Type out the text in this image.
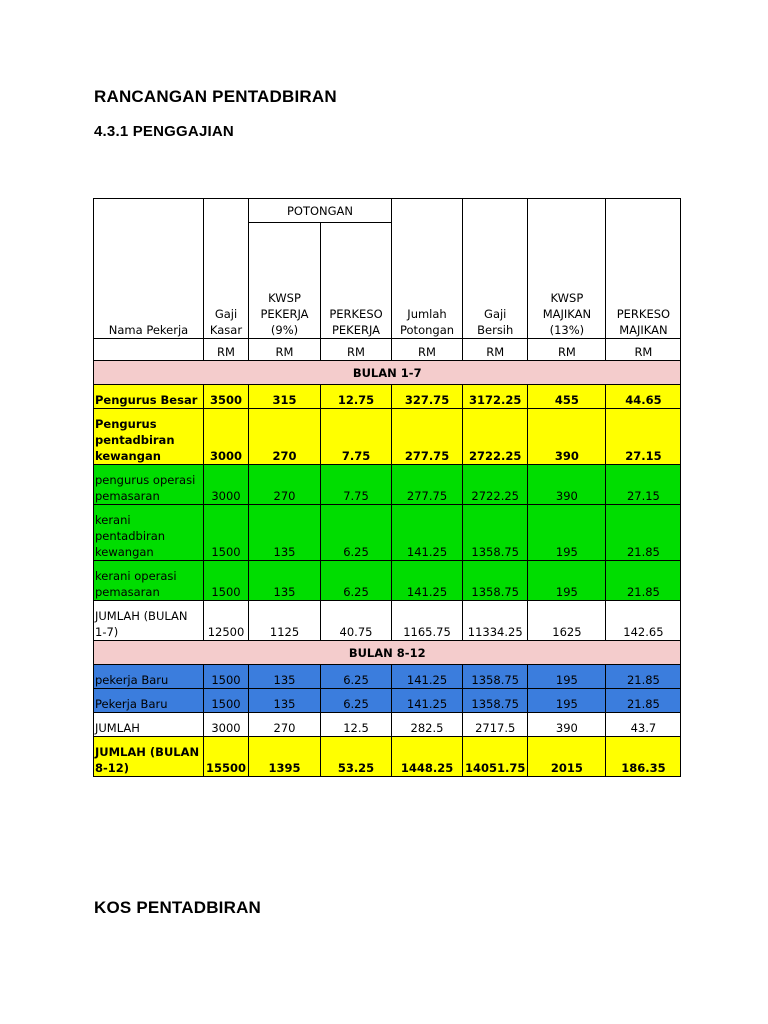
RANCANGAN PENTADBIRAN
4.3.1 PENGGAJIAN
Nama Pekerja	Gaji Kasar	POTONGAN		Jumlah Potongan	Gaji Bersih	KWSP MAJIKAN (13%)	PERKESO MAJIKAN
		KWSP PEKERJA (9%)	PERKESO PEKERJA				
	RM	RM	RM	RM	RM	RM	RM
BULAN 1-7							
Pengurus Besar	3500	315	12.75	327.75	3172.25	455	44.65
Pengurus pentadbiran kewangan	3000	270	7.75	277.75	2722.25	390	27.15
pengurus operasi pemasaran	3000	270	7.75	277.75	2722.25	390	27.15
kerani pentadbiran kewangan	1500	135	6.25	141.25	1358.75	195	21.85
kerani operasi pemasaran	1500	135	6.25	141.25	1358.75	195	21.85
JUMLAH (BULAN 1-7)	12500	1125	40.75	1165.75	11334.25	1625	142.65
BULAN 8-12							
pekerja Baru	1500	135	6.25	141.25	1358.75	195	21.85
Pekerja Baru	1500	135	6.25	141.25	1358.75	195	21.85
JUMLAH	3000	270	12.5	282.5	2717.5	390	43.7
JUMLAH (BULAN 8-12)	15500	1395	53.25	1448.25	14051.75	2015	186.35
KOS PENTADBIRAN
